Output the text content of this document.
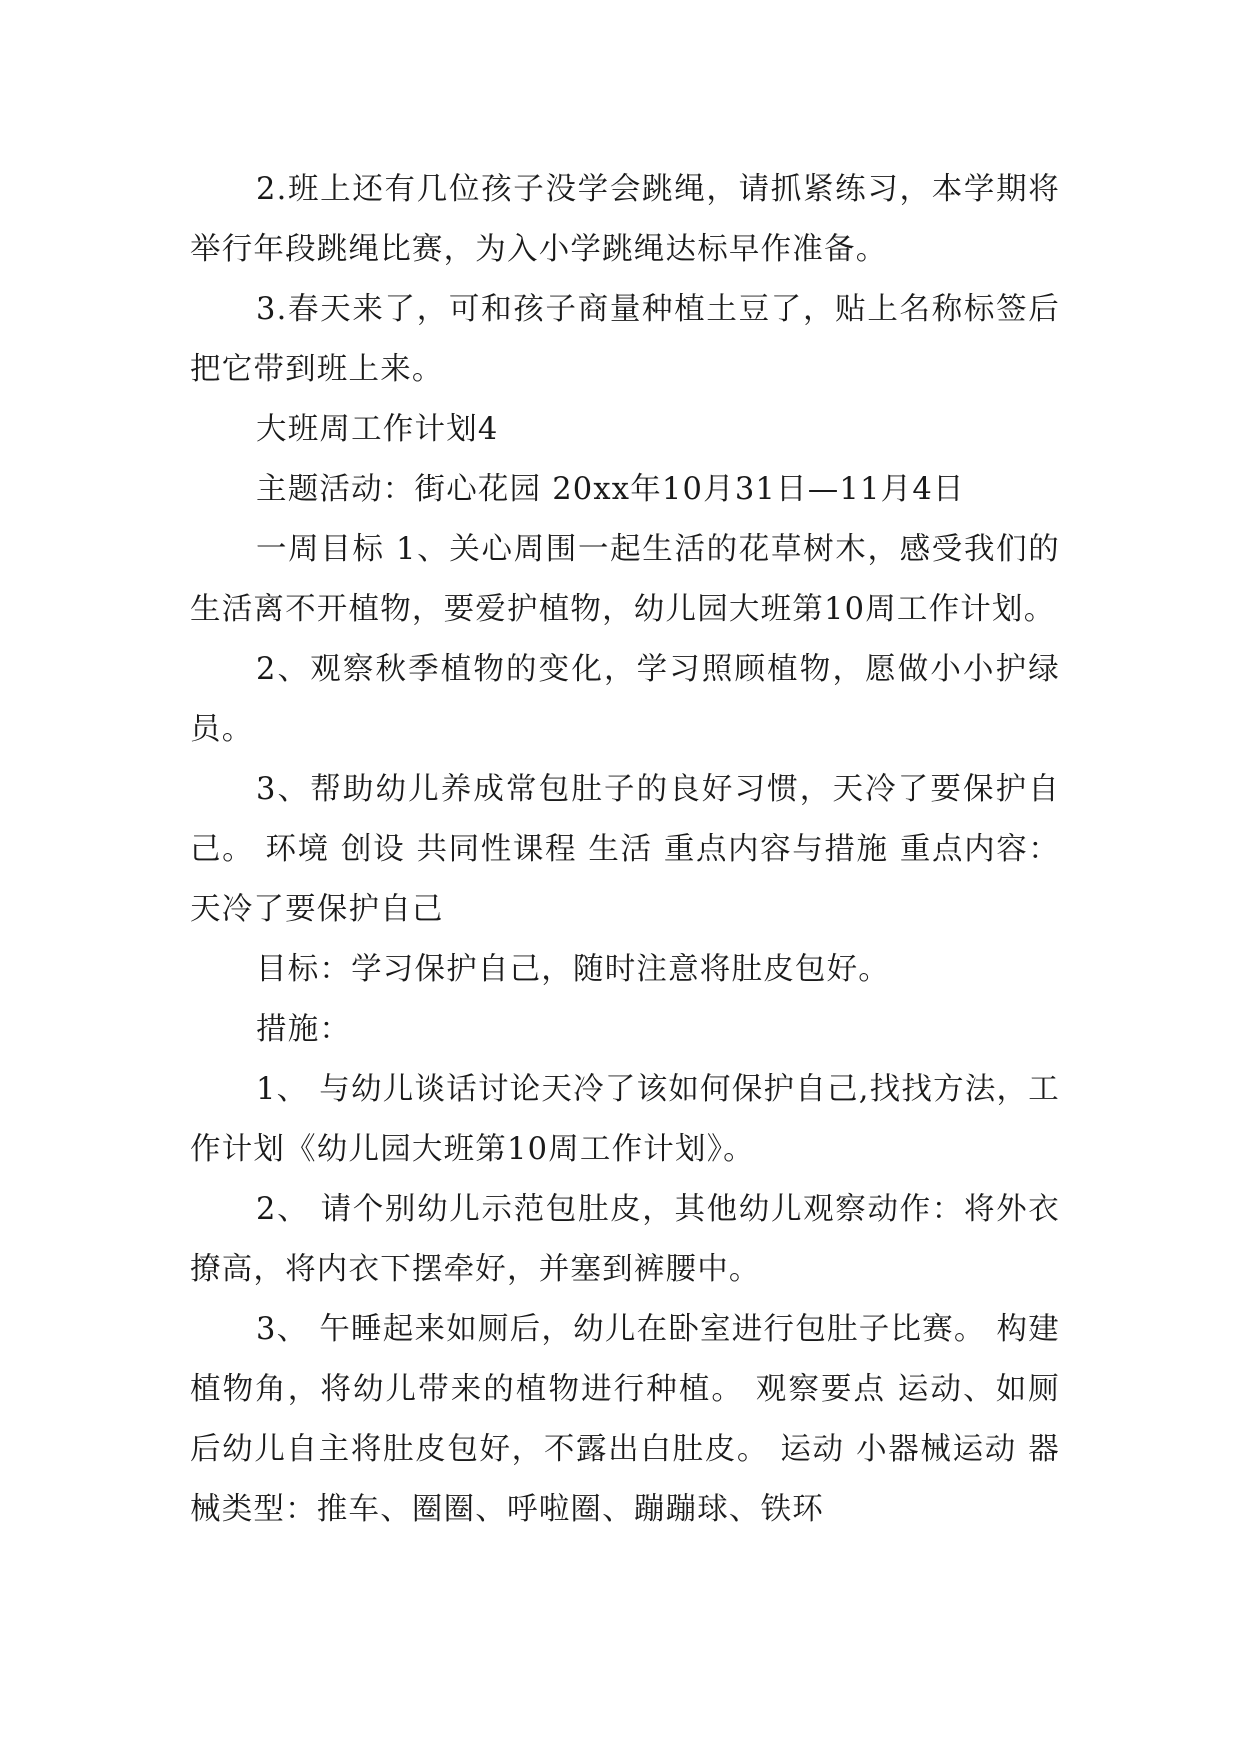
2.班上还有几位孩子没学会跳绳，请抓紧练习，本学期将举行年段跳绳比赛，为入小学跳绳达标早作准备。

3.春天来了，可和孩子商量种植土豆了，贴上名称标签后把它带到班上来。

大班周工作计划4

主题活动：街心花园 20xx年10月31日—11月4日

一周目标 1、关心周围一起生活的花草树木，感受我们的生活离不开植物，要爱护植物，幼儿园大班第10周工作计划。

2、观察秋季植物的变化，学习照顾植物，愿做小小护绿员。

3、帮助幼儿养成常包肚子的良好习惯，天冷了要保护自己。 环境 创设 共同性课程 生活 重点内容与措施 重点内容：天冷了要保护自己

目标：学习保护自己，随时注意将肚皮包好。

措施：

1、 与幼儿谈话讨论天冷了该如何保护自己,找找方法，工作计划《幼儿园大班第10周工作计划》。

2、 请个别幼儿示范包肚皮，其他幼儿观察动作：将外衣撩高，将内衣下摆牵好，并塞到裤腰中。

3、 午睡起来如厕后，幼儿在卧室进行包肚子比赛。 构建植物角，将幼儿带来的植物进行种植。 观察要点 运动、如厕后幼儿自主将肚皮包好，不露出白肚皮。 运动 小器械运动 器械类型：推车、圈圈、呼啦圈、蹦蹦球、铁环
